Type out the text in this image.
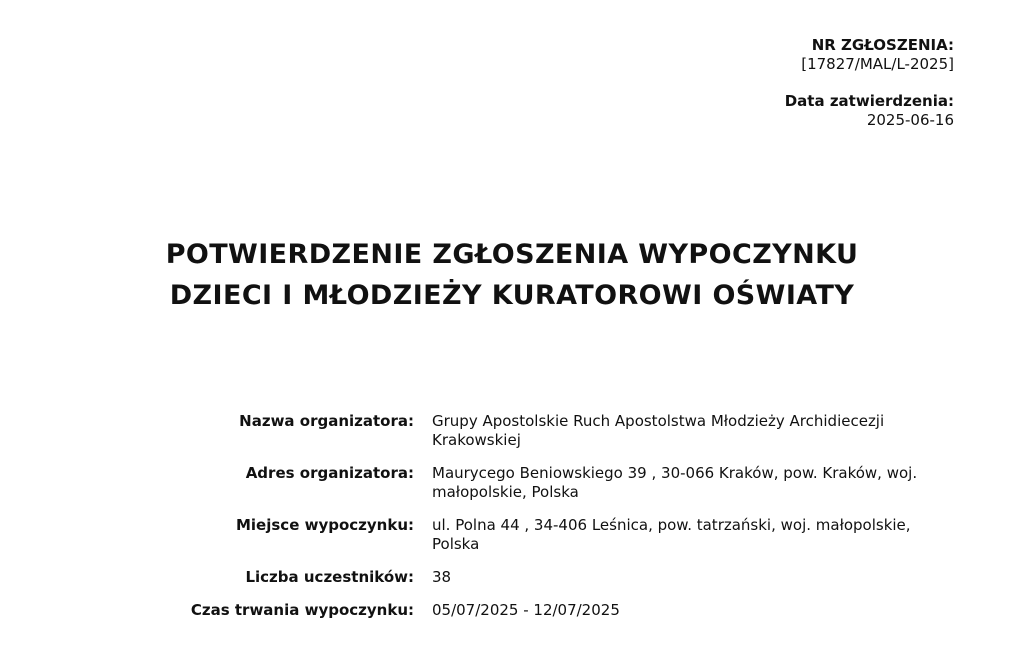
NR ZGŁOSZENIA:
[17827/MAL/L-2025]
Data zatwierdzenia:
2025-06-16
POTWIERDZENIE ZGŁOSZENIA WYPOCZYNKU
DZIECI I MŁODZIEŻY KURATOROWI OŚWIATY
Nazwa organizatora: Grupy Apostolskie Ruch Apostolstwa Młodzieży Archidiecezji Krakowskiej
Adres organizatora: Maurycego Beniowskiego 39 , 30-066 Kraków, pow. Kraków, woj. małopolskie, Polska
Miejsce wypoczynku: ul. Polna 44 , 34-406 Leśnica, pow. tatrzański, woj. małopolskie, Polska
Liczba uczestników: 38
Czas trwania wypoczynku: 05/07/2025 - 12/07/2025
